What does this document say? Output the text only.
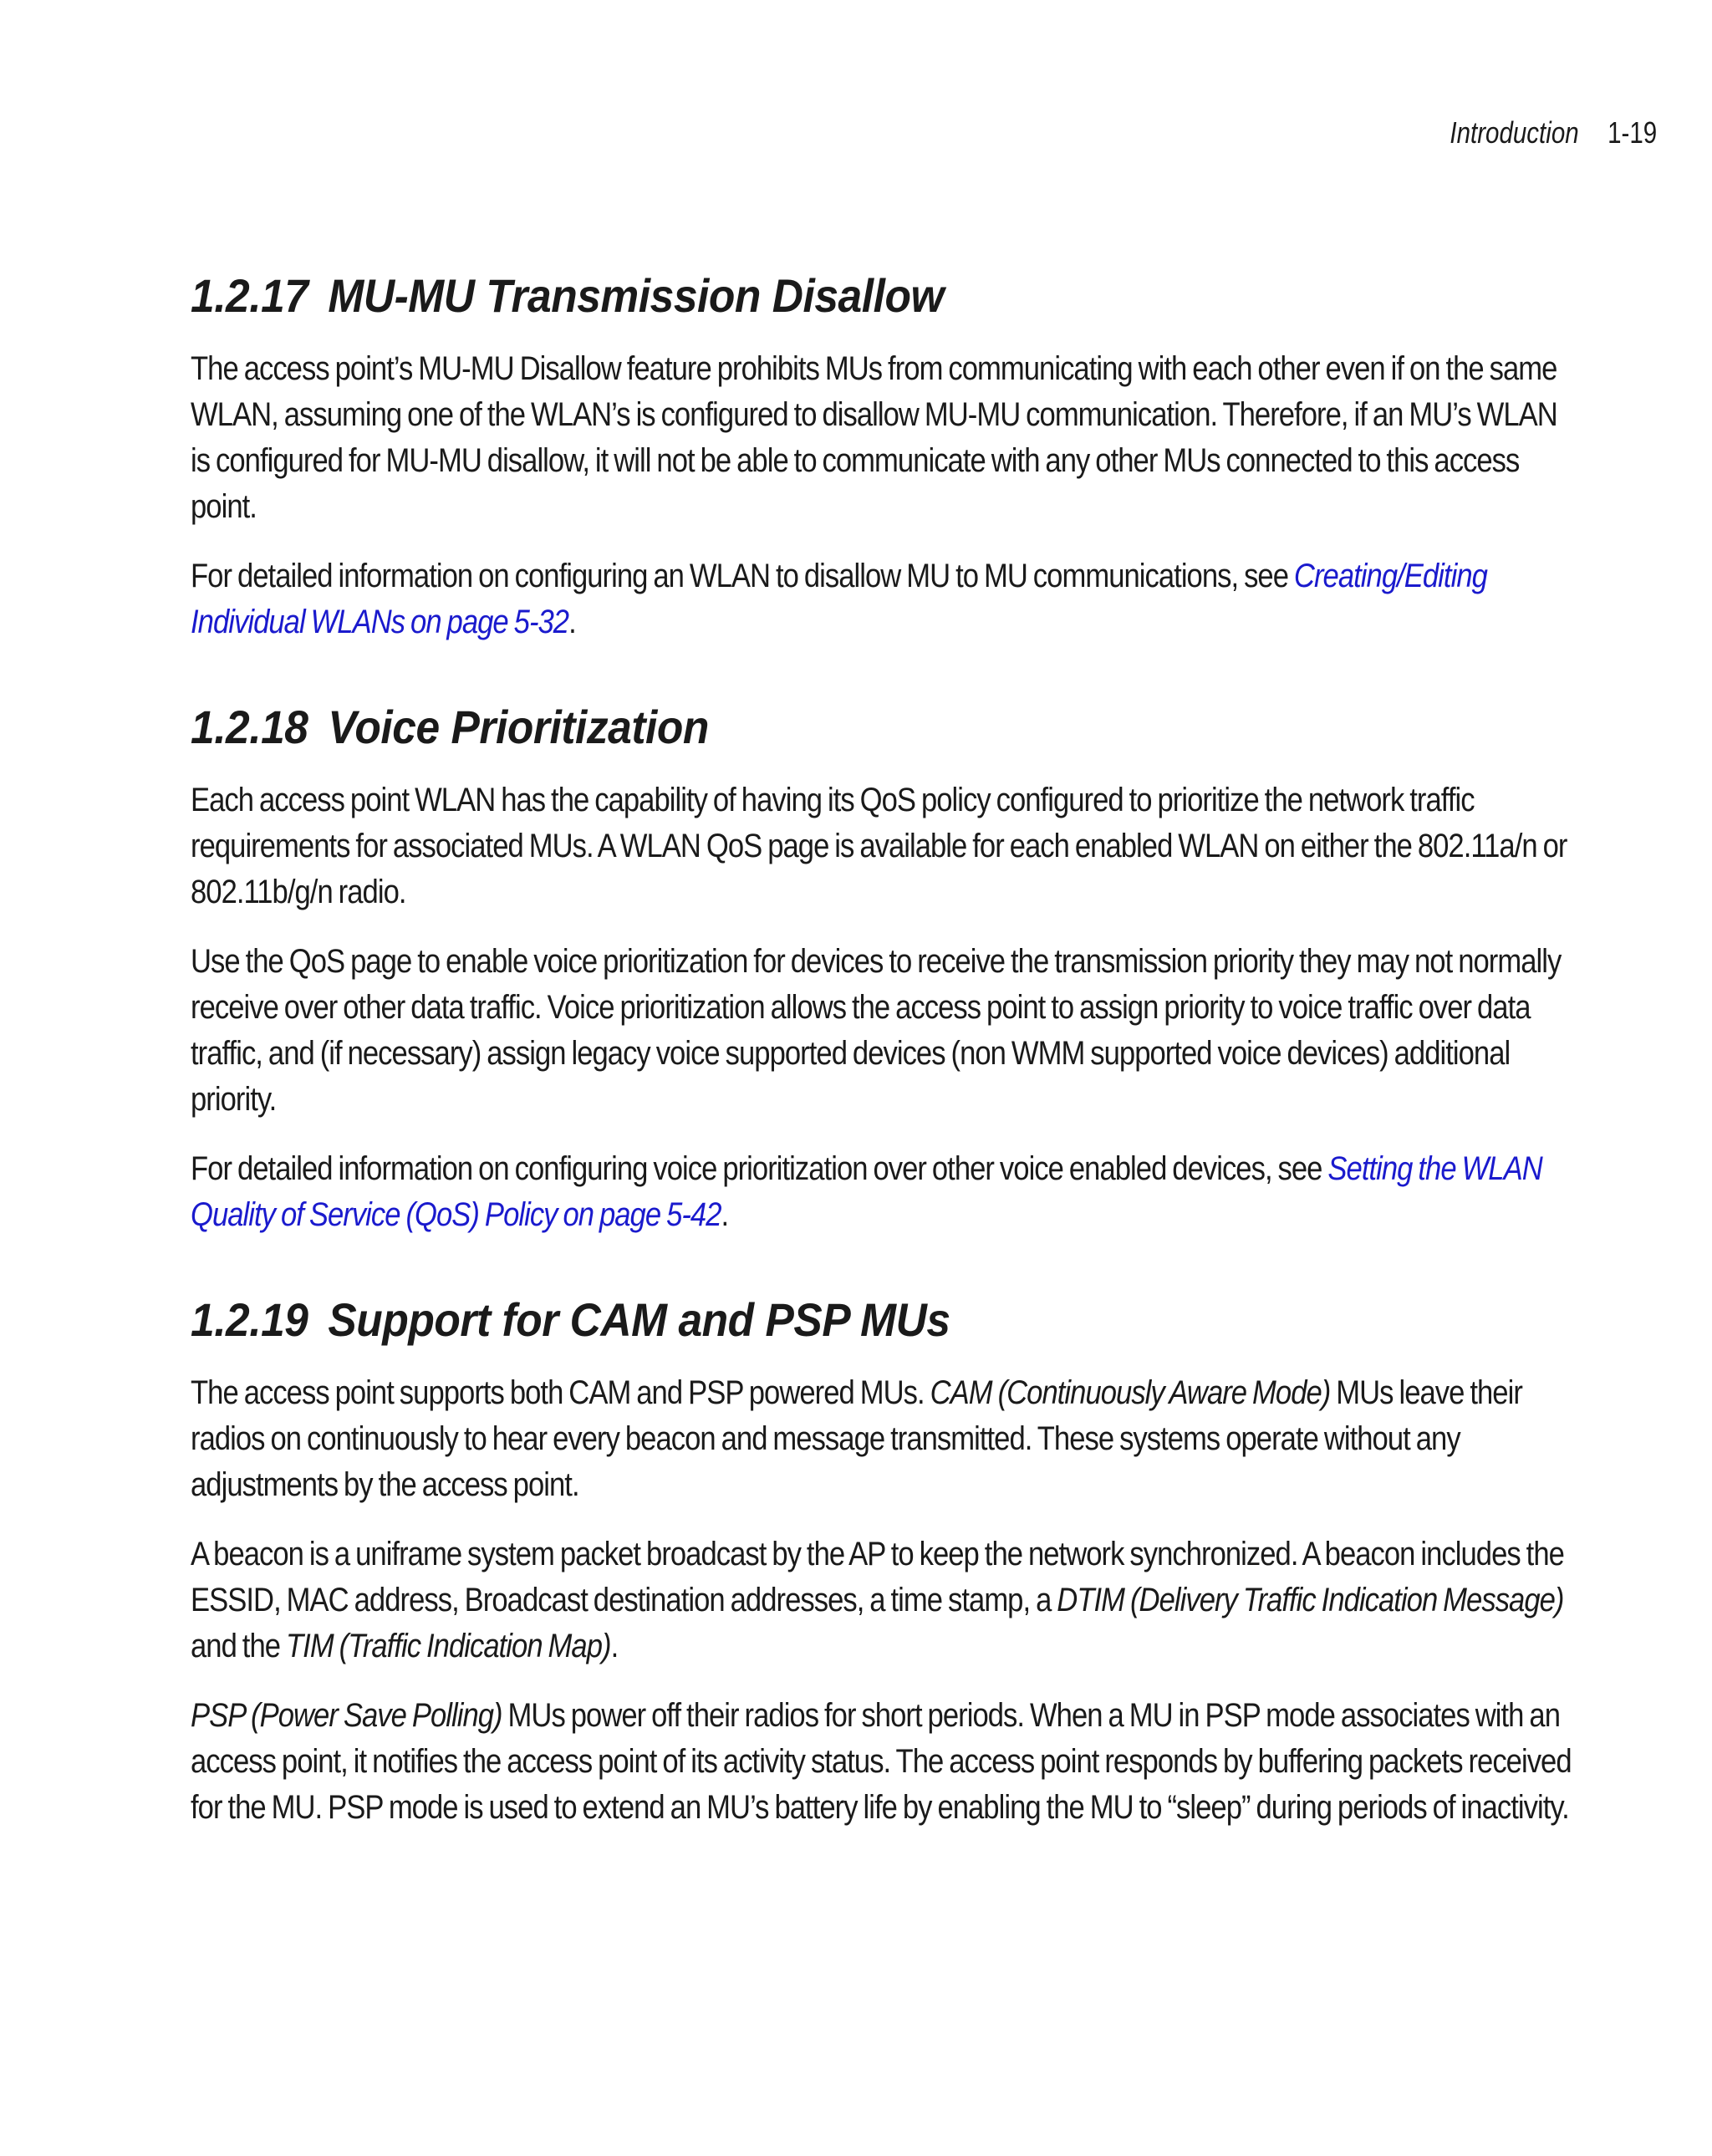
Introduction 1-19
1.2.17 MU-MU Transmission Disallow

The access point’s MU-MU Disallow feature prohibits MUs from communicating with each other even if on the same WLAN, assuming one of the WLAN’s is configured to disallow MU-MU communication. Therefore, if an MU’s WLAN is configured for MU-MU disallow, it will not be able to communicate with any other MUs connected to this access point.

For detailed information on configuring an WLAN to disallow MU to MU communications, see Creating/Editing Individual WLANs on page 5-32.

1.2.18 Voice Prioritization

Each access point WLAN has the capability of having its QoS policy configured to prioritize the network traffic requirements for associated MUs. A WLAN QoS page is available for each enabled WLAN on either the 802.11a/n or 802.11b/g/n radio.

Use the QoS page to enable voice prioritization for devices to receive the transmission priority they may not normally receive over other data traffic. Voice prioritization allows the access point to assign priority to voice traffic over data traffic, and (if necessary) assign legacy voice supported devices (non WMM supported voice devices) additional priority.

For detailed information on configuring voice prioritization over other voice enabled devices, see Setting the WLAN Quality of Service (QoS) Policy on page 5-42.

1.2.19 Support for CAM and PSP MUs

The access point supports both CAM and PSP powered MUs. CAM (Continuously Aware Mode) MUs leave their radios on continuously to hear every beacon and message transmitted. These systems operate without any adjustments by the access point.

A beacon is a uniframe system packet broadcast by the AP to keep the network synchronized. A beacon includes the ESSID, MAC address, Broadcast destination addresses, a time stamp, a DTIM (Delivery Traffic Indication Message) and the TIM (Traffic Indication Map).

PSP (Power Save Polling) MUs power off their radios for short periods. When a MU in PSP mode associates with an access point, it notifies the access point of its activity status. The access point responds by buffering packets received for the MU. PSP mode is used to extend an MU’s battery life by enabling the MU to “sleep” during periods of inactivity.
